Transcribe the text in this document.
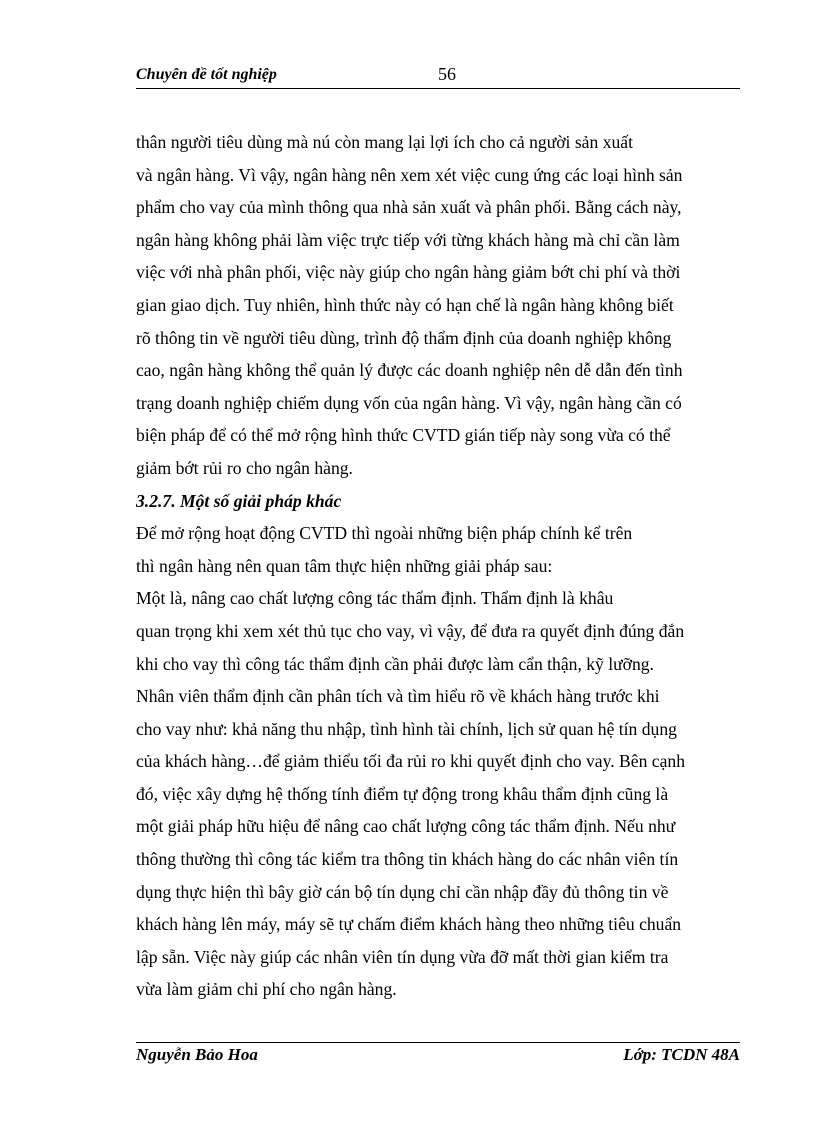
Chuyên đề tốt nghiệp	56

thân người tiêu dùng mà nú còn mang lại lợi ích cho cả người sản xuất
và ngân hàng. Vì vậy, ngân hàng nên xem xét việc cung ứng các loại hình sản
phẩm cho vay của mình thông qua nhà sản xuất và phân phối. Bằng cách này,
ngân hàng không phải làm việc trực tiếp với từng khách hàng mà chỉ cần làm
việc với nhà phân phối, việc này giúp cho ngân hàng giảm bớt chi phí và thời
gian giao dịch. Tuy nhiên, hình thức này có hạn chế là ngân hàng không biết
rõ thông tin về người tiêu dùng, trình độ thẩm định của doanh nghiệp không
cao, ngân hàng không thể quản lý được các doanh nghiệp nên dễ dẫn đến tình
trạng doanh nghiệp chiếm dụng vốn của ngân hàng. Vì vậy, ngân hàng cần có
biện pháp để có thể mở rộng hình thức CVTD gián tiếp này song vừa có thể
giảm bớt rủi ro cho ngân hàng.

3.2.7. Một số giải pháp khác

Để mở rộng hoạt động CVTD thì ngoài những biện pháp chính kể trên
thì ngân hàng nên quan tâm thực hiện những giải pháp sau:

Một là, nâng cao chất lượng công tác thẩm định. Thẩm định là khâu
quan trọng khi xem xét thủ tục cho vay, vì vậy, để đưa ra quyết định đúng đắn
khi cho vay thì công tác thẩm định cần phải được làm cẩn thận, kỹ lưỡng.
Nhân viên thẩm định cần phân tích và tìm hiểu rõ về khách hàng trước khi
cho vay như: khả năng thu nhập, tình hình tài chính, lịch sử quan hệ tín dụng
của khách hàng…để giảm thiểu tối đa rủi ro khi quyết định cho vay. Bên cạnh
đó, việc xây dựng hệ thống tính điểm tự động trong khâu thẩm định cũng là
một giải pháp hữu hiệu để nâng cao chất lượng công tác thẩm định. Nếu như
thông thường thì công tác kiểm tra thông tin khách hàng do các nhân viên tín
dụng thực hiện thì bây giờ cán bộ tín dụng chỉ cần nhập đầy đủ thông tin về
khách hàng lên máy, máy sẽ tự chấm điểm khách hàng theo những tiêu chuẩn
lập sẵn. Việc này giúp các nhân viên tín dụng vừa đỡ mất thời gian kiểm tra
vừa làm giảm chi phí cho ngân hàng.

Nguyễn Bảo Hoa	Lớp: TCDN 48A
